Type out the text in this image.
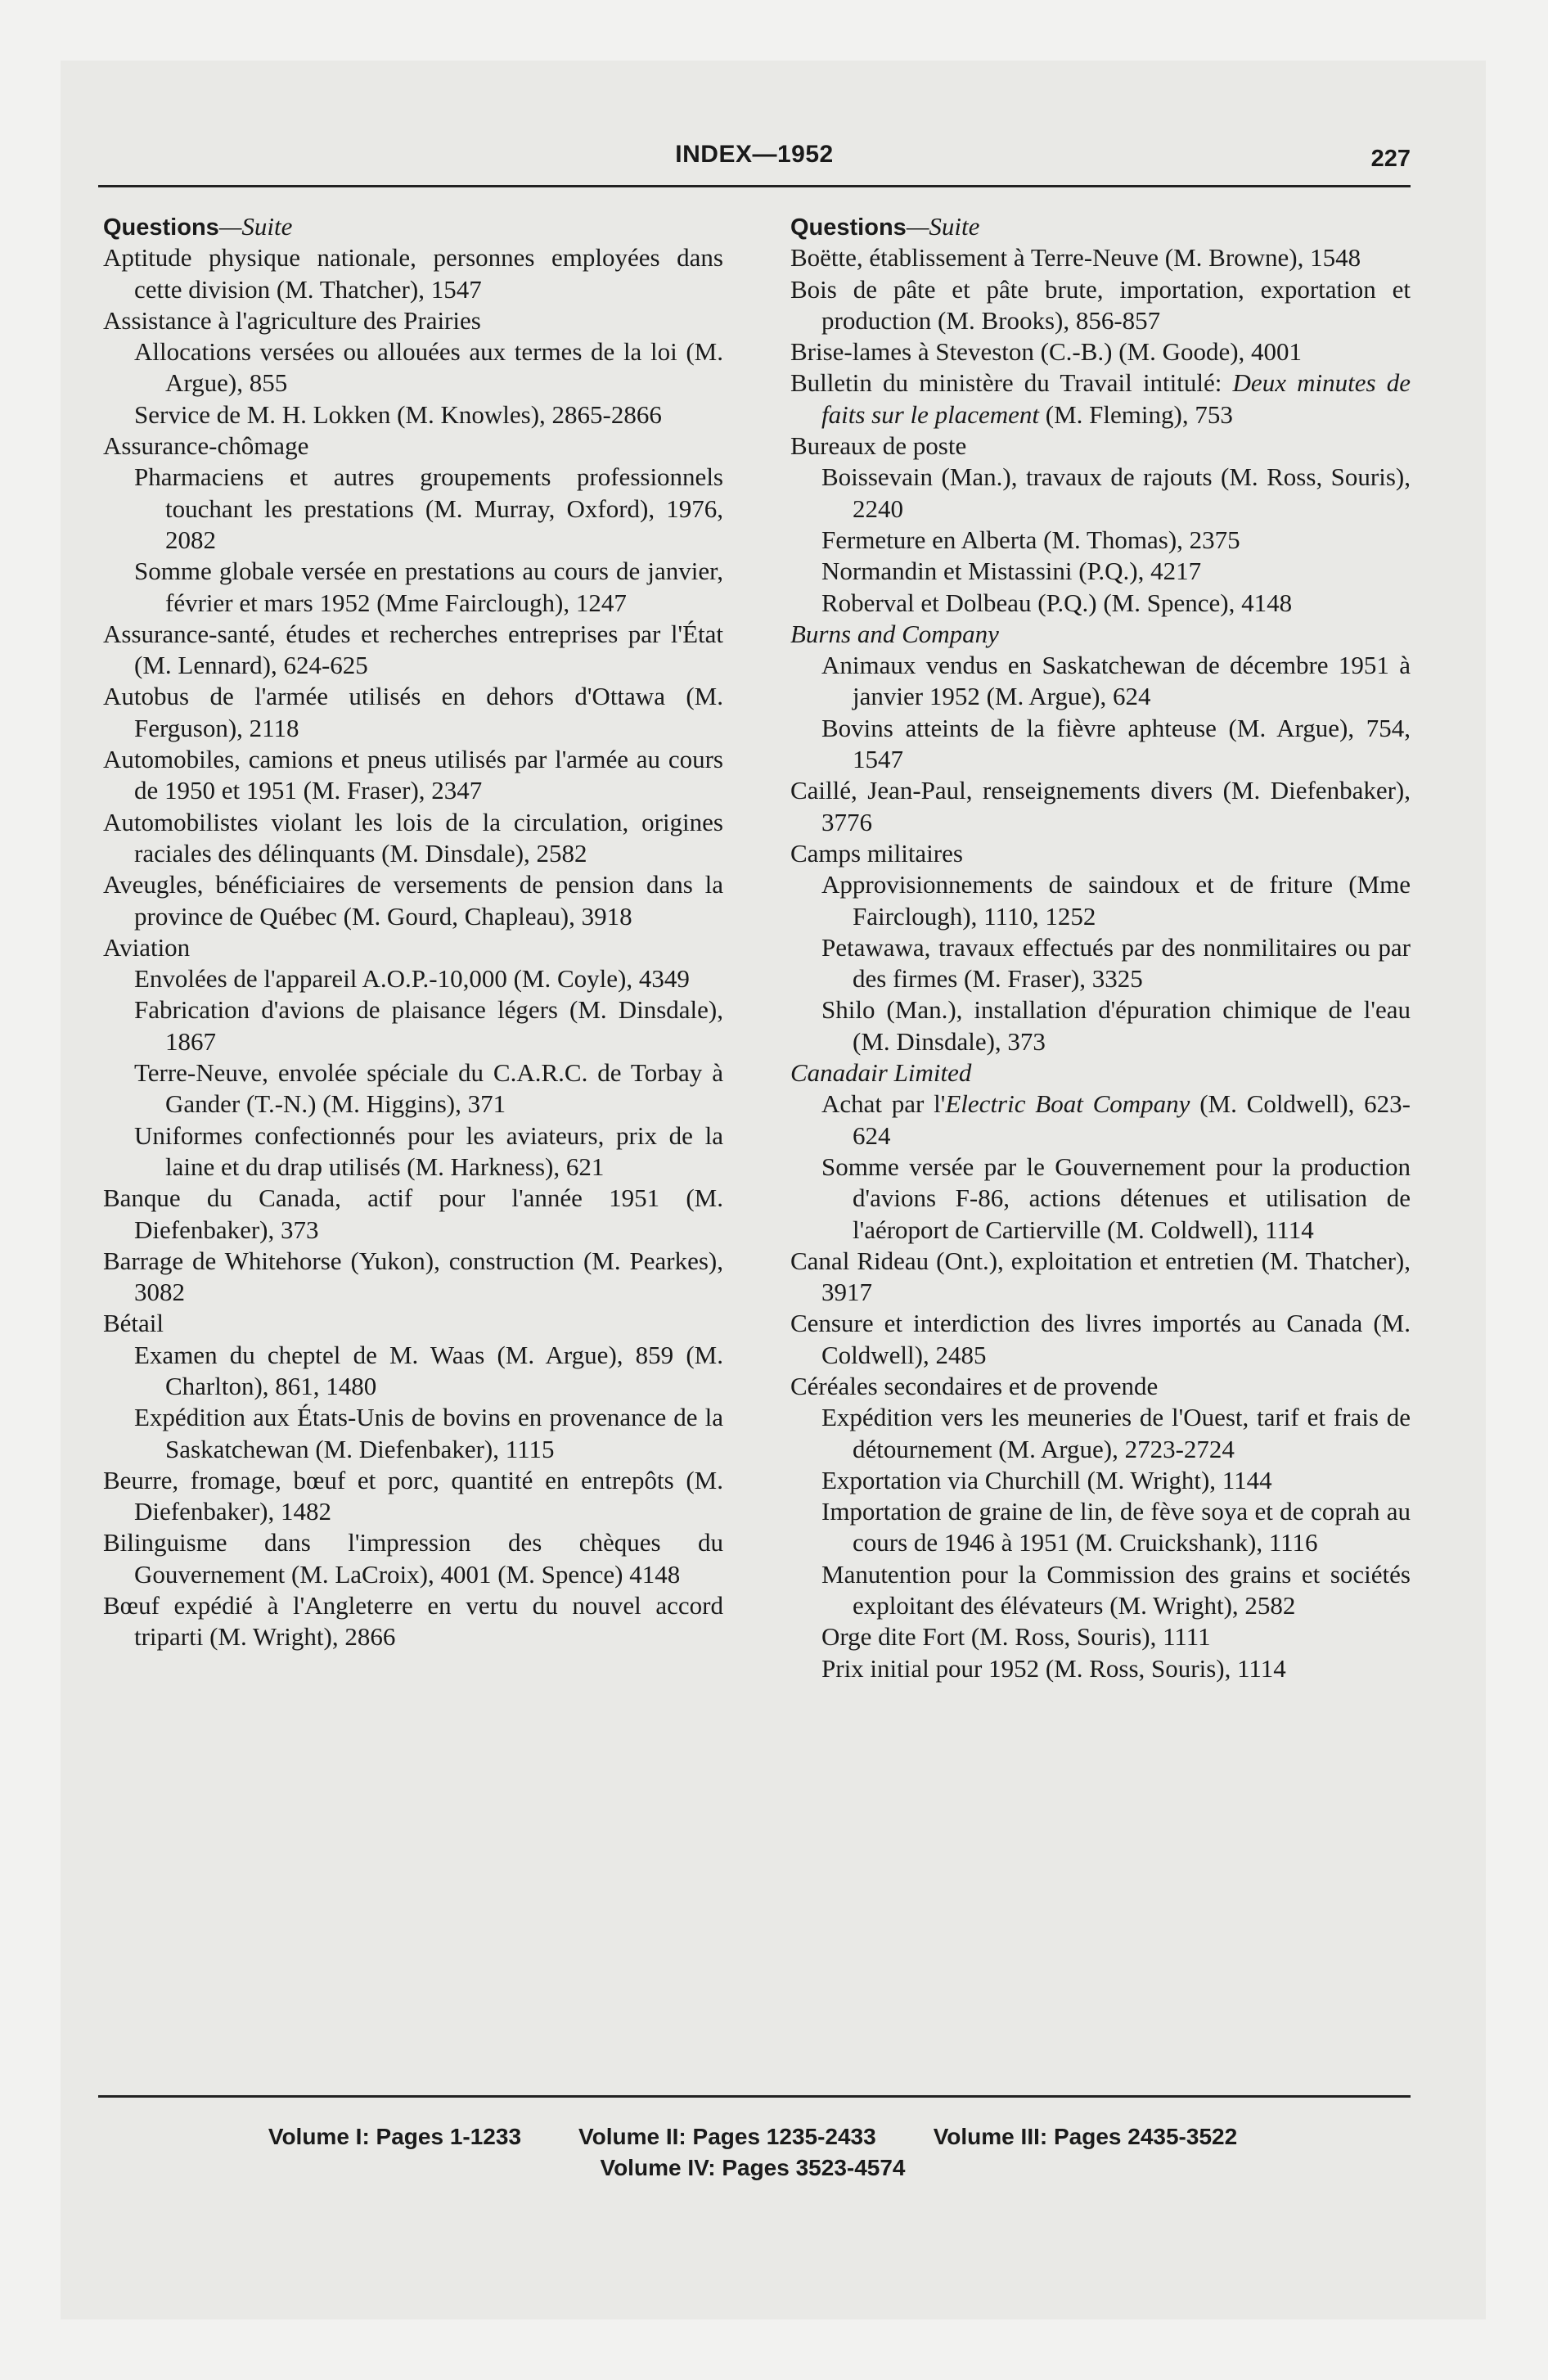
INDEX—1952	227
Questions—Suite
Aptitude physique nationale, personnes employées dans cette division (M. Thatcher), 1547
Assistance à l'agriculture des Prairies
Allocations versées ou allouées aux termes de la loi (M. Argue), 855
Service de M. H. Lokken (M. Knowles), 2865-2866
Assurance-chômage
Pharmaciens et autres groupements professionnels touchant les prestations (M. Murray, Oxford), 1976, 2082
Somme globale versée en prestations au cours de janvier, février et mars 1952 (Mme Fairclough), 1247
Assurance-santé, études et recherches entreprises par l'État (M. Lennard), 624-625
Autobus de l'armée utilisés en dehors d'Ottawa (M. Ferguson), 2118
Automobiles, camions et pneus utilisés par l'armée au cours de 1950 et 1951 (M. Fraser), 2347
Automobilistes violant les lois de la circulation, origines raciales des délinquants (M. Dinsdale), 2582
Aveugles, bénéficiaires de versements de pension dans la province de Québec (M. Gourd, Chapleau), 3918
Aviation
Envolées de l'appareil A.O.P.-10,000 (M. Coyle), 4349
Fabrication d'avions de plaisance légers (M. Dinsdale), 1867
Terre-Neuve, envolée spéciale du C.A.R.C. de Torbay à Gander (T.-N.) (M. Higgins), 371
Uniformes confectionnés pour les aviateurs, prix de la laine et du drap utilisés (M. Harkness), 621
Banque du Canada, actif pour l'année 1951 (M. Diefenbaker), 373
Barrage de Whitehorse (Yukon), construction (M. Pearkes), 3082
Bétail
Examen du cheptel de M. Waas (M. Argue), 859 (M. Charlton), 861, 1480
Expédition aux États-Unis de bovins en provenance de la Saskatchewan (M. Diefenbaker), 1115
Beurre, fromage, bœuf et porc, quantité en entrepôts (M. Diefenbaker), 1482
Bilinguisme dans l'impression des chèques du Gouvernement (M. LaCroix), 4001 (M. Spence) 4148
Bœuf expédié à l'Angleterre en vertu du nouvel accord triparti (M. Wright), 2866
Questions—Suite
Boëtte, établissement à Terre-Neuve (M. Browne), 1548
Bois de pâte et pâte brute, importation, exportation et production (M. Brooks), 856-857
Brise-lames à Steveston (C.-B.) (M. Goode), 4001
Bulletin du ministère du Travail intitulé: Deux minutes de faits sur le placement (M. Fleming), 753
Bureaux de poste
Boissevain (Man.), travaux de rajouts (M. Ross, Souris), 2240
Fermeture en Alberta (M. Thomas), 2375
Normandin et Mistassini (P.Q.), 4217
Roberval et Dolbeau (P.Q.) (M. Spence), 4148
Burns and Company
Animaux vendus en Saskatchewan de décembre 1951 à janvier 1952 (M. Argue), 624
Bovins atteints de la fièvre aphteuse (M. Argue), 754, 1547
Caillé, Jean-Paul, renseignements divers (M. Diefenbaker), 3776
Camps militaires
Approvisionnements de saindoux et de friture (Mme Fairclough), 1110, 1252
Petawawa, travaux effectués par des nonmilitaires ou par des firmes (M. Fraser), 3325
Shilo (Man.), installation d'épuration chimique de l'eau (M. Dinsdale), 373
Canadair Limited
Achat par l'Electric Boat Company (M. Coldwell), 623-624
Somme versée par le Gouvernement pour la production d'avions F-86, actions détenues et utilisation de l'aéroport de Cartierville (M. Coldwell), 1114
Canal Rideau (Ont.), exploitation et entretien (M. Thatcher), 3917
Censure et interdiction des livres importés au Canada (M. Coldwell), 2485
Céréales secondaires et de provende
Expédition vers les meuneries de l'Ouest, tarif et frais de détournement (M. Argue), 2723-2724
Exportation via Churchill (M. Wright), 1144
Importation de graine de lin, de fève soya et de coprah au cours de 1946 à 1951 (M. Cruickshank), 1116
Manutention pour la Commission des grains et sociétés exploitant des élévateurs (M. Wright), 2582
Orge dite Fort (M. Ross, Souris), 1111
Prix initial pour 1952 (M. Ross, Souris), 1114
Volume I: Pages 1-1233	Volume II: Pages 1235-2433	Volume III: Pages 2435-3522
Volume IV: Pages 3523-4574
